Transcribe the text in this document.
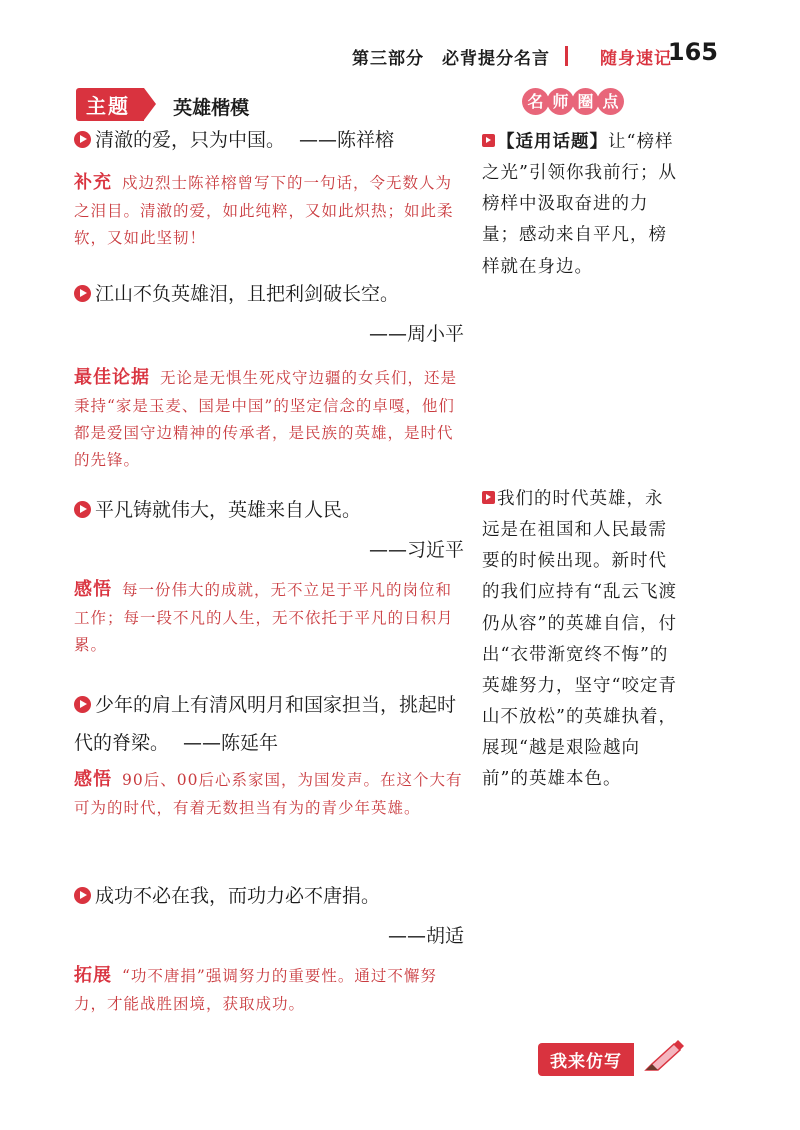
第三部分　必背提分名言	随身速记
165
主题 英雄楷模	名 师 圈 点
清澈的爱，只为中国。 ——陈祥榕
补充 戍边烈士陈祥榕曾写下的一句话，令无数人为之泪目。清澈的爱，如此纯粹，又如此炽热；如此柔软，又如此坚韧！
江山不负英雄泪，且把利剑破长空。
——周小平
最佳论据 无论是无惧生死戍守边疆的女兵们，还是秉持“家是玉麦、国是中国”的坚定信念的卓嘎，他们都是爱国守边精神的传承者，是民族的英雄，是时代的先锋。
平凡铸就伟大，英雄来自人民。
——习近平
感悟 每一份伟大的成就，无不立足于平凡的岗位和工作；每一段不凡的人生，无不依托于平凡的日积月累。
少年的肩上有清风明月和国家担当，挑起时代的脊梁。 ——陈延年
感悟 90后、00后心系家国，为国发声。在这个大有可为的时代，有着无数担当有为的青少年英雄。
成功不必在我，而功力必不唐捐。
——胡适
拓展 “功不唐捐”强调努力的重要性。通过不懈努力，才能战胜困境，获取成功。
【适用话题】让“榜样之光”引领你我前行；从榜样中汲取奋进的力量；感动来自平凡，榜样就在身边。
我们的时代英雄，永远是在祖国和人民最需要的时候出现。新时代的我们应持有“乱云飞渡仍从容”的英雄自信，付出“衣带渐宽终不悔”的英雄努力，坚守“咬定青山不放松”的英雄执着，展现“越是艰险越向前”的英雄本色。
我来仿写
